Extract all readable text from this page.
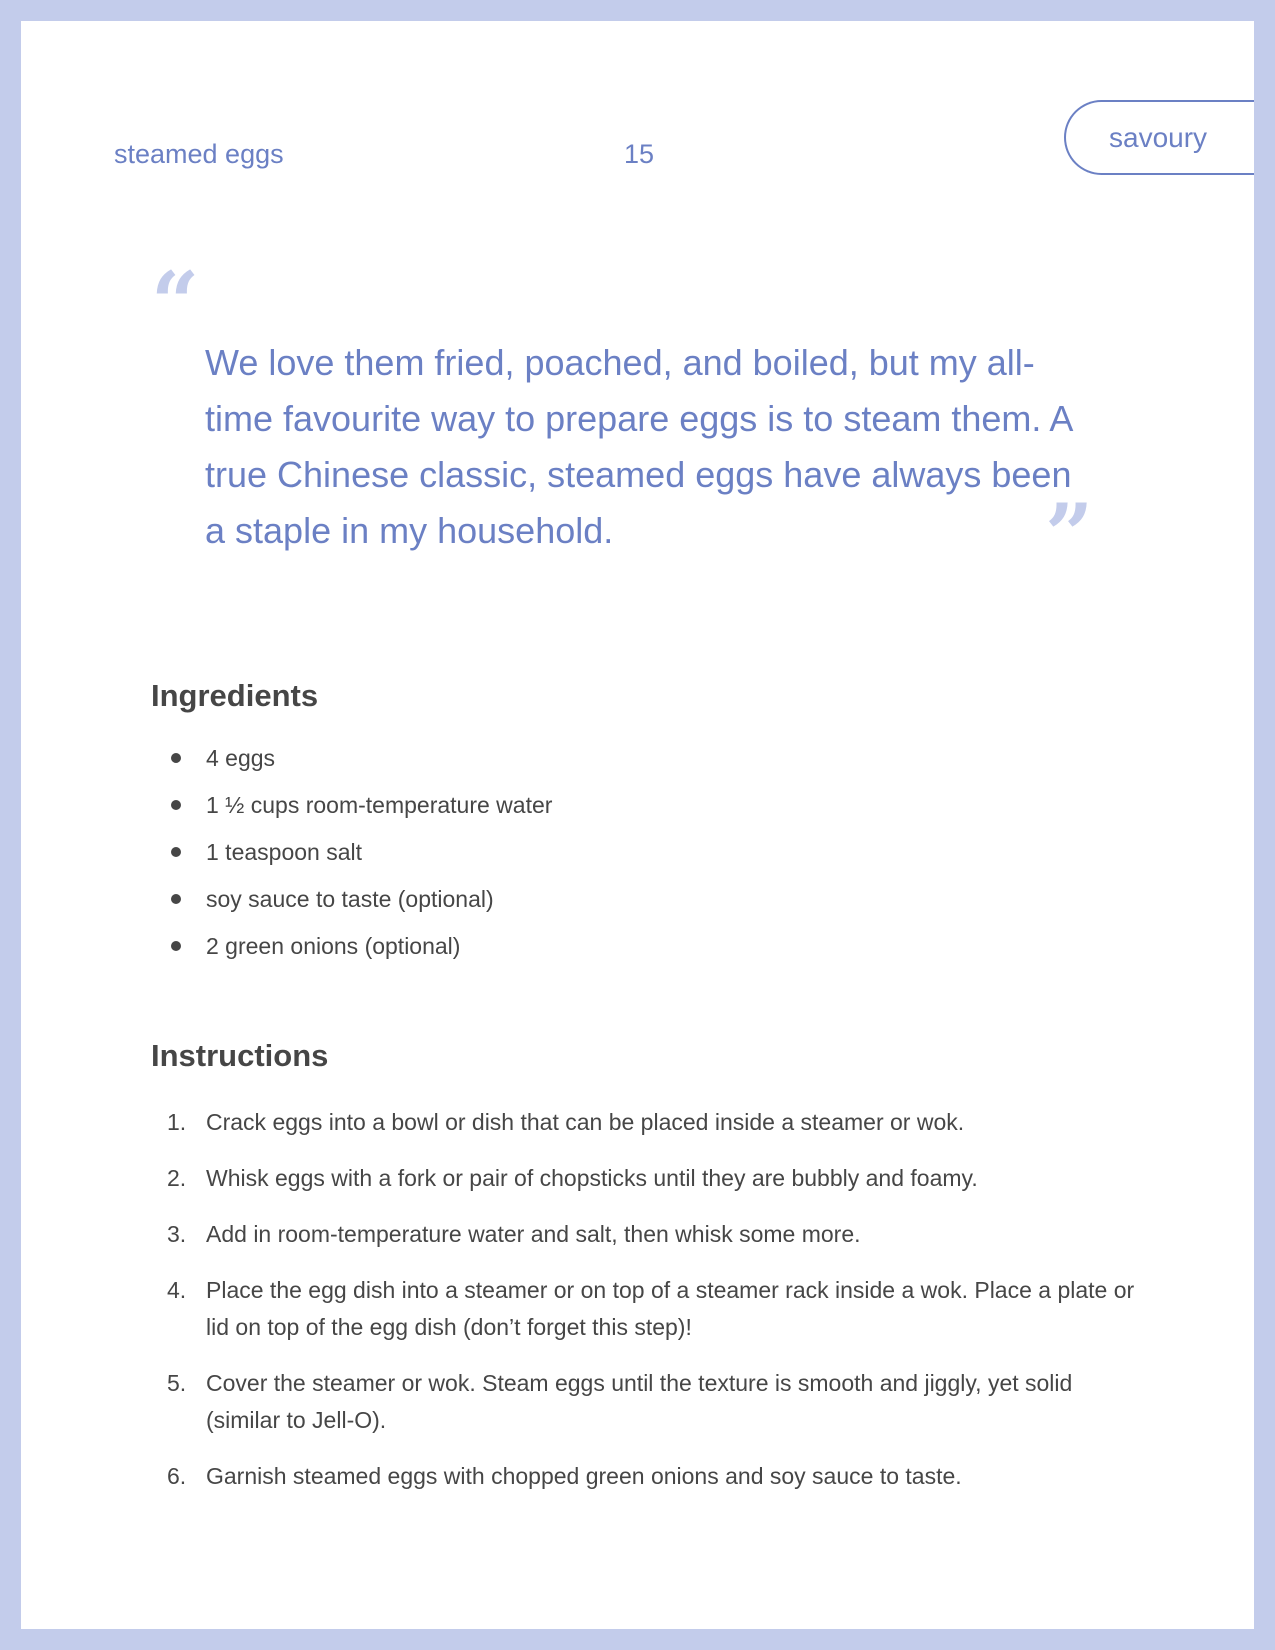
steamed eggs	15
savoury
“

We love them fried, poached, and boiled, but my all-time favourite way to prepare eggs is to steam them. A true Chinese classic, steamed eggs have always been a staple in my household.	”
Ingredients
4 eggs
1 ½ cups room-temperature water
1 teaspoon salt
soy sauce to taste (optional)
2 green onions (optional)
Instructions
1. Crack eggs into a bowl or dish that can be placed inside a steamer or wok.
2. Whisk eggs with a fork or pair of chopsticks until they are bubbly and foamy.
3. Add in room-temperature water and salt, then whisk some more.
4. Place the egg dish into a steamer or on top of a steamer rack inside a wok. Place a plate or lid on top of the egg dish (don’t forget this step)!
5. Cover the steamer or wok. Steam eggs until the texture is smooth and jiggly, yet solid (similar to Jell-O).
6. Garnish steamed eggs with chopped green onions and soy sauce to taste.
